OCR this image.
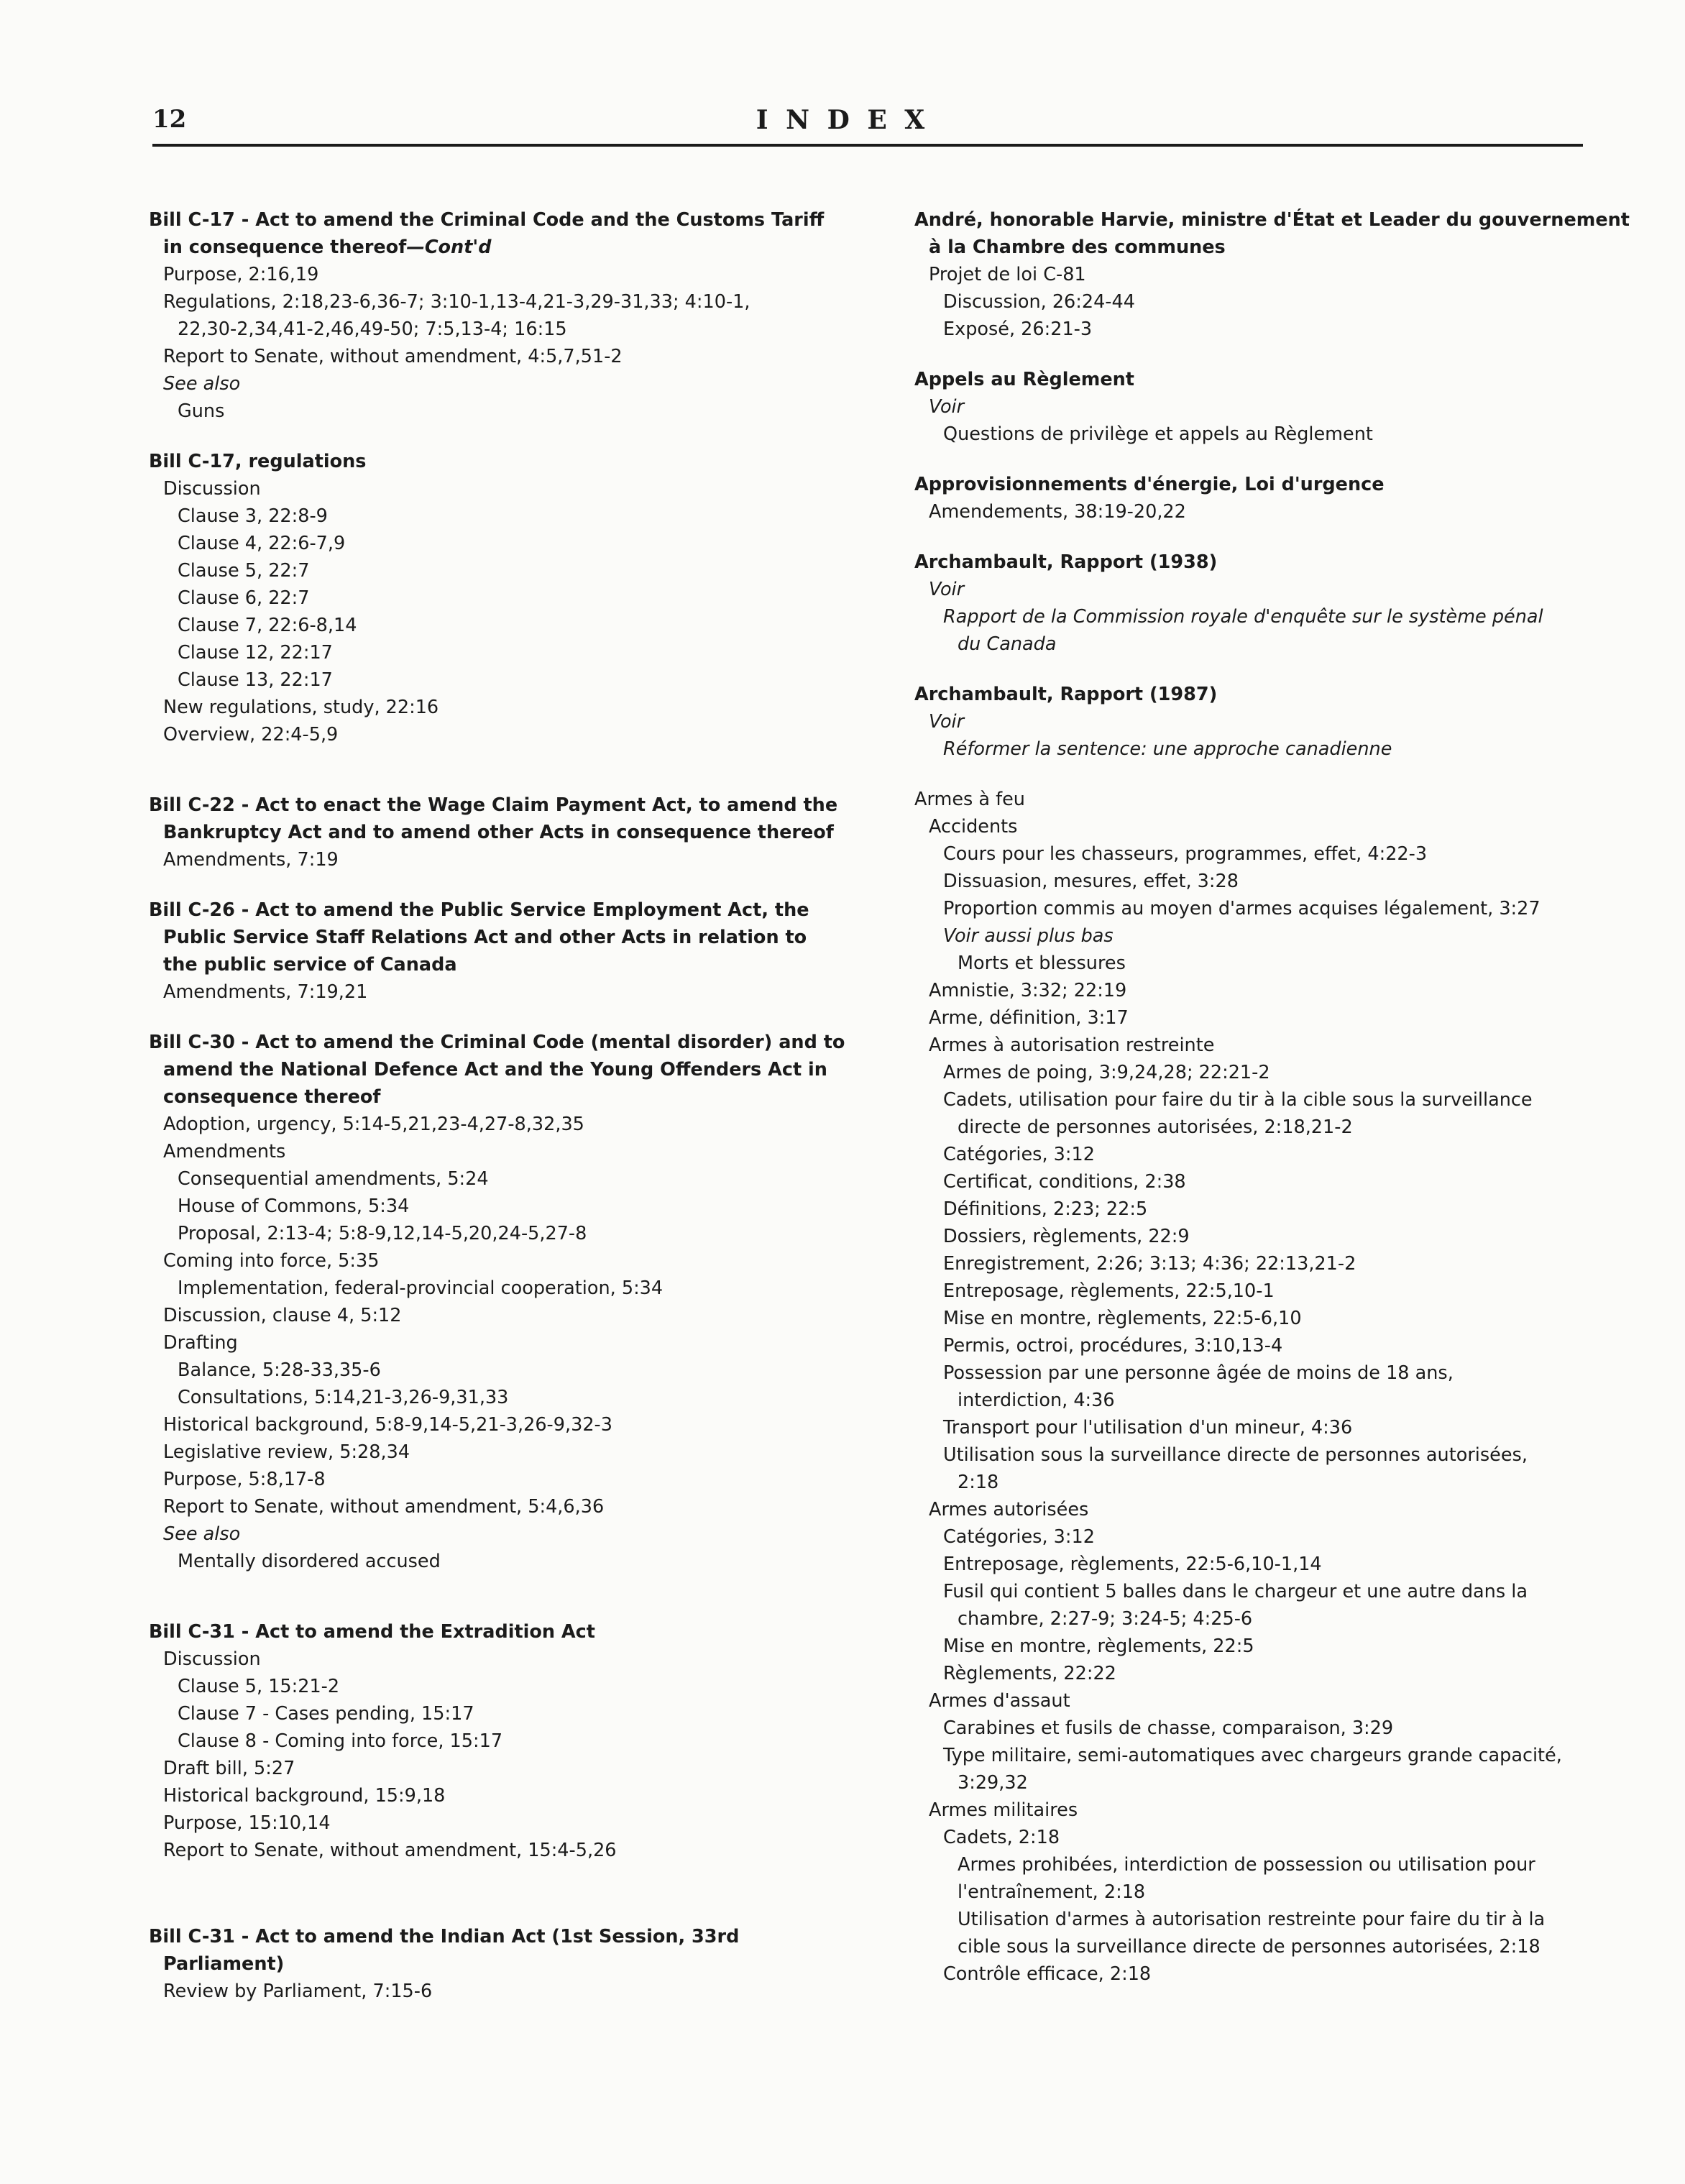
12	I N D E X
Bill C-17 - Act to amend the Criminal Code and the Customs Tariff
in consequence thereof—Cont'd
Purpose, 2:16,19
Regulations, 2:18,23-6,36-7; 3:10-1,13-4,21-3,29-31,33; 4:10-1,
22,30-2,34,41-2,46,49-50; 7:5,13-4; 16:15
Report to Senate, without amendment, 4:5,7,51-2
See also
Guns
Bill C-17, regulations
Discussion
Clause 3, 22:8-9
Clause 4, 22:6-7,9
Clause 5, 22:7
Clause 6, 22:7
Clause 7, 22:6-8,14
Clause 12, 22:17
Clause 13, 22:17
New regulations, study, 22:16
Overview, 22:4-5,9
Bill C-22 - Act to enact the Wage Claim Payment Act, to amend the
Bankruptcy Act and to amend other Acts in consequence thereof
Amendments, 7:19
Bill C-26 - Act to amend the Public Service Employment Act, the
Public Service Staff Relations Act and other Acts in relation to
the public service of Canada
Amendments, 7:19,21
Bill C-30 - Act to amend the Criminal Code (mental disorder) and to
amend the National Defence Act and the Young Offenders Act in
consequence thereof
Adoption, urgency, 5:14-5,21,23-4,27-8,32,35
Amendments
Consequential amendments, 5:24
House of Commons, 5:34
Proposal, 2:13-4; 5:8-9,12,14-5,20,24-5,27-8
Coming into force, 5:35
Implementation, federal-provincial cooperation, 5:34
Discussion, clause 4, 5:12
Drafting
Balance, 5:28-33,35-6
Consultations, 5:14,21-3,26-9,31,33
Historical background, 5:8-9,14-5,21-3,26-9,32-3
Legislative review, 5:28,34
Purpose, 5:8,17-8
Report to Senate, without amendment, 5:4,6,36
See also
Mentally disordered accused
Bill C-31 - Act to amend the Extradition Act
Discussion
Clause 5, 15:21-2
Clause 7 - Cases pending, 15:17
Clause 8 - Coming into force, 15:17
Draft bill, 5:27
Historical background, 15:9,18
Purpose, 15:10,14
Report to Senate, without amendment, 15:4-5,26
Bill C-31 - Act to amend the Indian Act (1st Session, 33rd
Parliament)
Review by Parliament, 7:15-6
André, honorable Harvie, ministre d'État et Leader du gouvernement
à la Chambre des communes
Projet de loi C-81
Discussion, 26:24-44
Exposé, 26:21-3
Appels au Règlement
Voir
Questions de privilège et appels au Règlement
Approvisionnements d'énergie, Loi d'urgence
Amendements, 38:19-20,22
Archambault, Rapport (1938)
Voir
Rapport de la Commission royale d'enquête sur le système pénal
du Canada
Archambault, Rapport (1987)
Voir
Réformer la sentence: une approche canadienne
Armes à feu
Accidents
Cours pour les chasseurs, programmes, effet, 4:22-3
Dissuasion, mesures, effet, 3:28
Proportion commis au moyen d'armes acquises légalement, 3:27
Voir aussi plus bas
Morts et blessures
Amnistie, 3:32; 22:19
Arme, définition, 3:17
Armes à autorisation restreinte
Armes de poing, 3:9,24,28; 22:21-2
Cadets, utilisation pour faire du tir à la cible sous la surveillance
directe de personnes autorisées, 2:18,21-2
Catégories, 3:12
Certificat, conditions, 2:38
Définitions, 2:23; 22:5
Dossiers, règlements, 22:9
Enregistrement, 2:26; 3:13; 4:36; 22:13,21-2
Entreposage, règlements, 22:5,10-1
Mise en montre, règlements, 22:5-6,10
Permis, octroi, procédures, 3:10,13-4
Possession par une personne âgée de moins de 18 ans,
interdiction, 4:36
Transport pour l'utilisation d'un mineur, 4:36
Utilisation sous la surveillance directe de personnes autorisées,
2:18
Armes autorisées
Catégories, 3:12
Entreposage, règlements, 22:5-6,10-1,14
Fusil qui contient 5 balles dans le chargeur et une autre dans la
chambre, 2:27-9; 3:24-5; 4:25-6
Mise en montre, règlements, 22:5
Règlements, 22:22
Armes d'assaut
Carabines et fusils de chasse, comparaison, 3:29
Type militaire, semi-automatiques avec chargeurs grande capacité,
3:29,32
Armes militaires
Cadets, 2:18
Armes prohibées, interdiction de possession ou utilisation pour
l'entraînement, 2:18
Utilisation d'armes à autorisation restreinte pour faire du tir à la
cible sous la surveillance directe de personnes autorisées, 2:18
Contrôle efficace, 2:18
